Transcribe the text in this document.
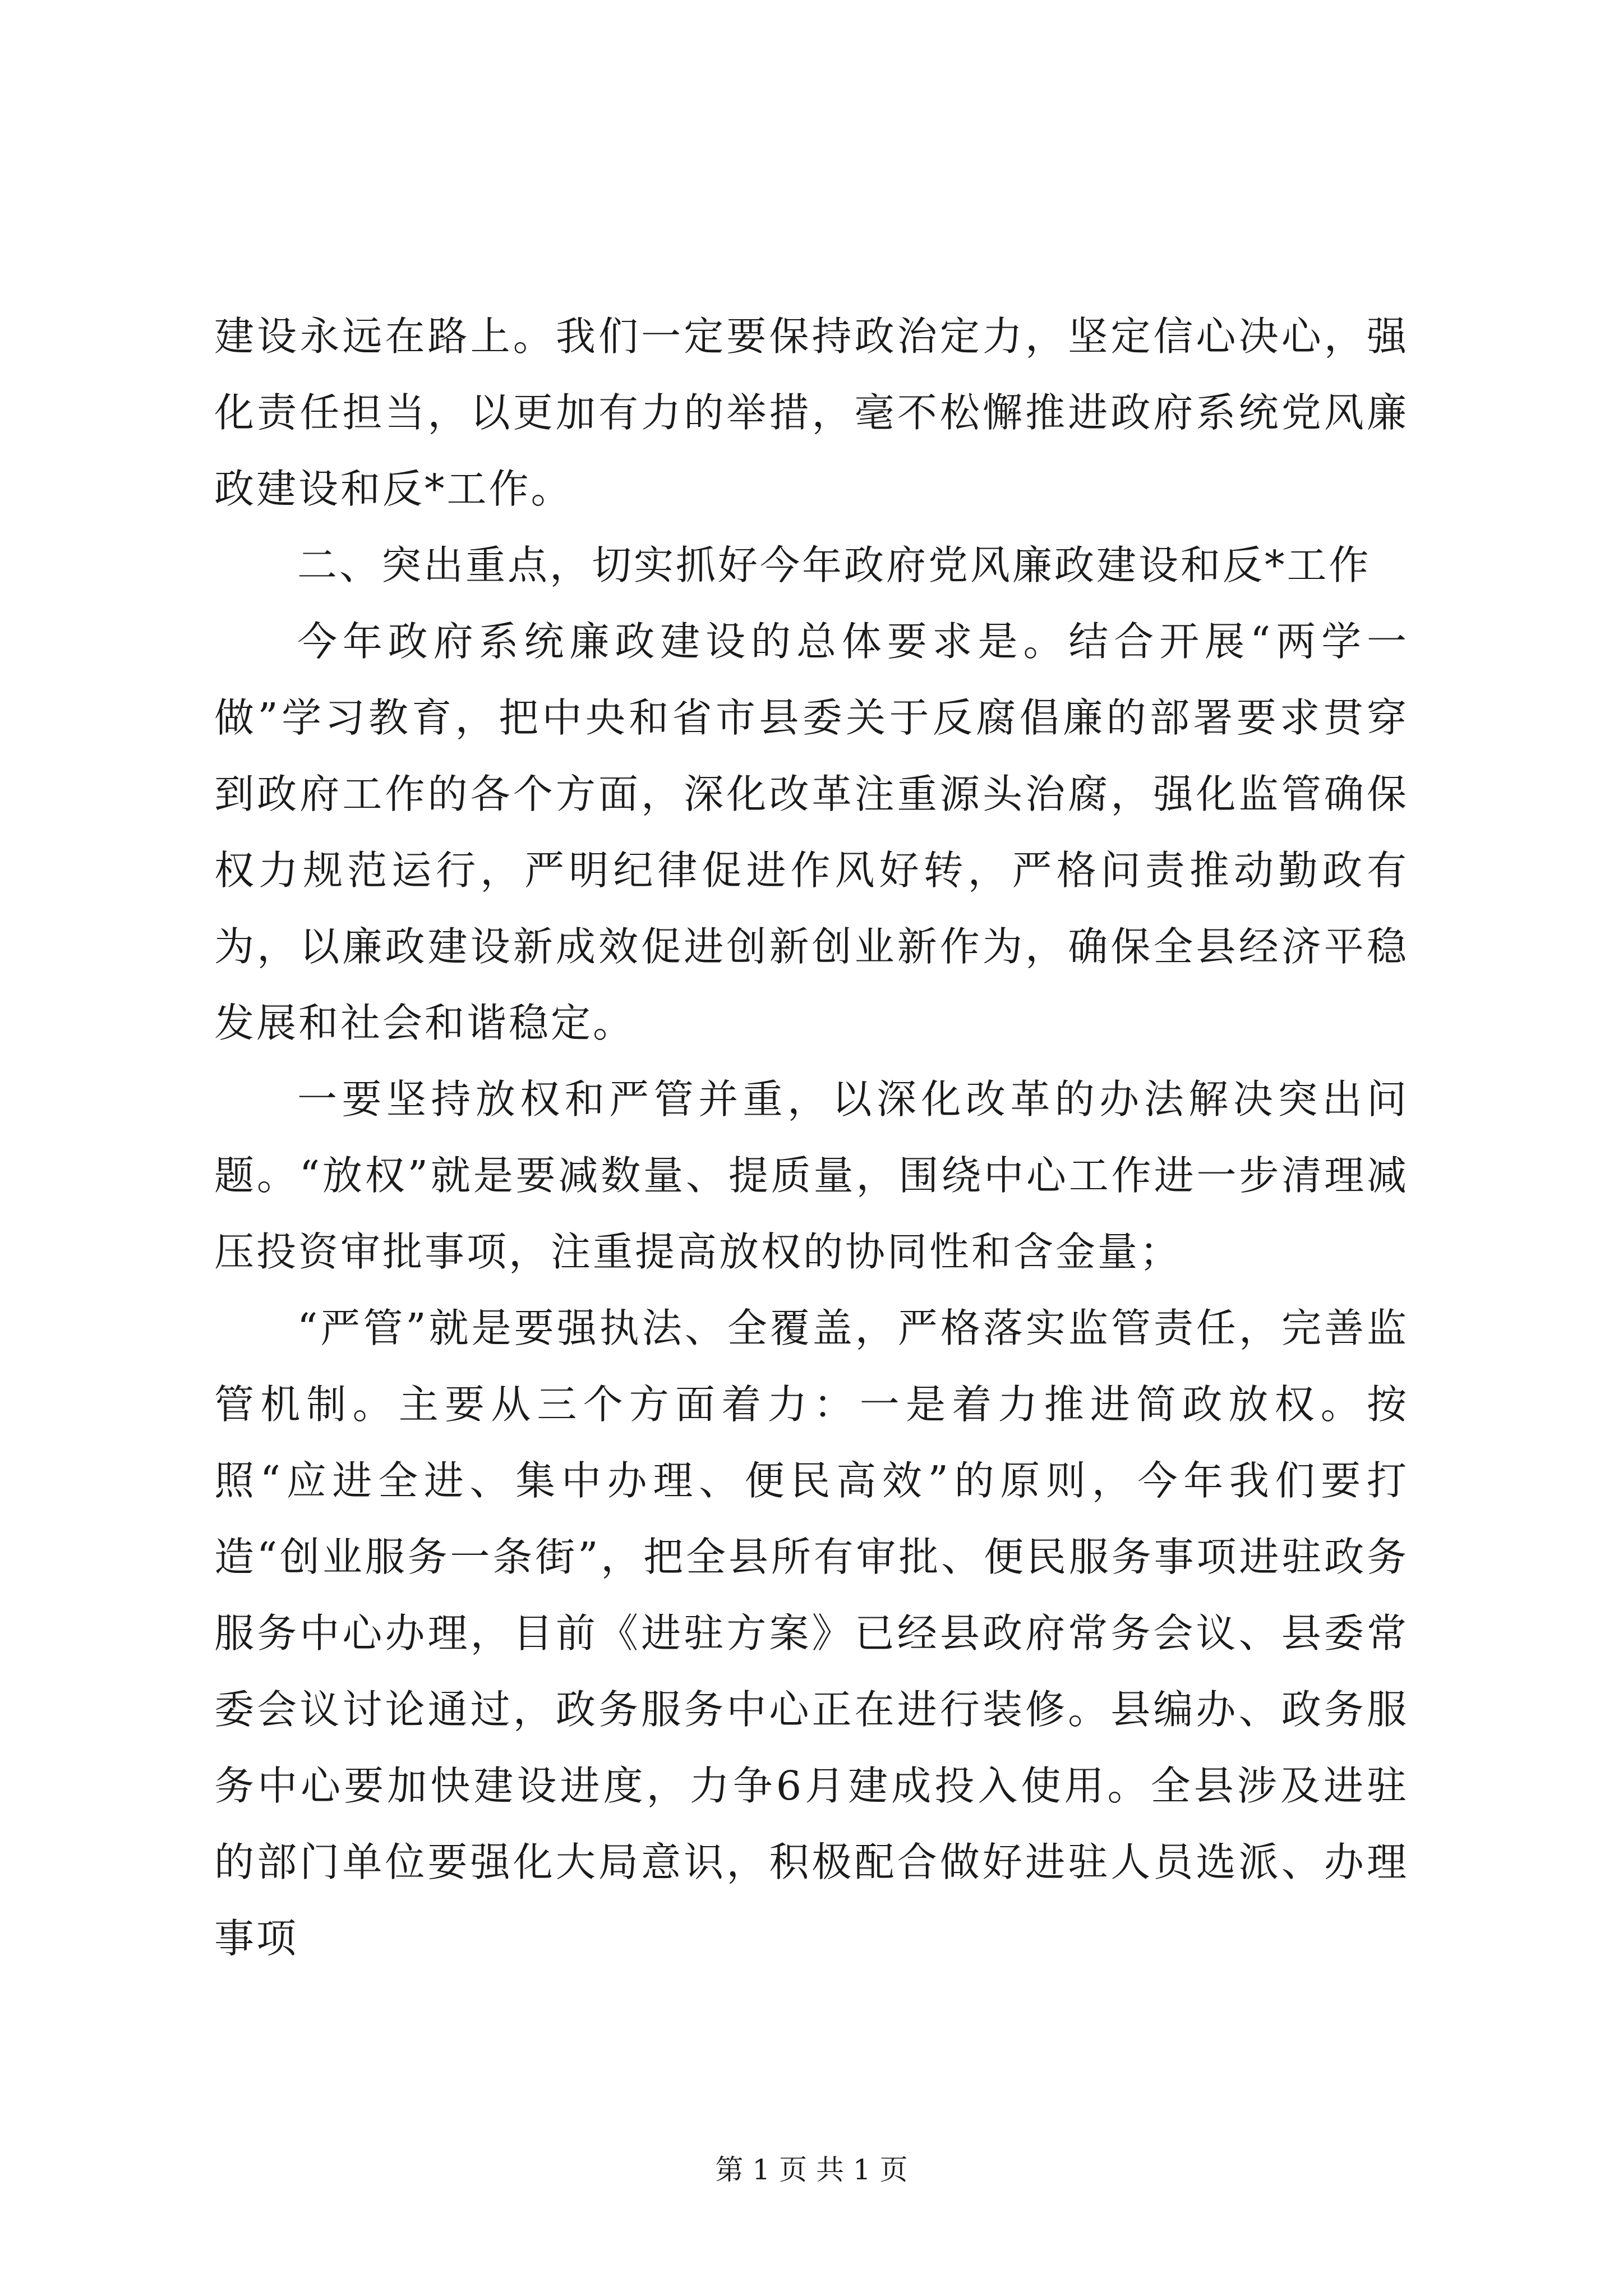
建设永远在路上。我们一定要保持政治定力，坚定信心决心，强化责任担当，以更加有力的举措，毫不松懈推进政府系统党风廉政建设和反*工作。

二、突出重点，切实抓好今年政府党风廉政建设和反*工作

今年政府系统廉政建设的总体要求是。结合开展“两学一做”学习教育，把中央和省市县委关于反腐倡廉的部署要求贯穿到政府工作的各个方面，深化改革注重源头治腐，强化监管确保权力规范运行，严明纪律促进作风好转，严格问责推动勤政有为，以廉政建设新成效促进创新创业新作为，确保全县经济平稳发展和社会和谐稳定。

一要坚持放权和严管并重，以深化改革的办法解决突出问题。“放权”就是要减数量、提质量，围绕中心工作进一步清理减压投资审批事项，注重提高放权的协同性和含金量；

“严管”就是要强执法、全覆盖，严格落实监管责任，完善监管机制。主要从三个方面着力：一是着力推进简政放权。按照“应进全进、集中办理、便民高效”的原则，今年我们要打造“创业服务一条街”，把全县所有审批、便民服务事项进驻政务服务中心办理，目前《进驻方案》已经县政府常务会议、县委常委会议讨论通过，政务服务中心正在进行装修。县编办、政务服务中心要加快建设进度，力争6月建成投入使用。全县涉及进驻的部门单位要强化大局意识，积极配合做好进驻人员选派、办理事项

第 1 页 共 1 页
